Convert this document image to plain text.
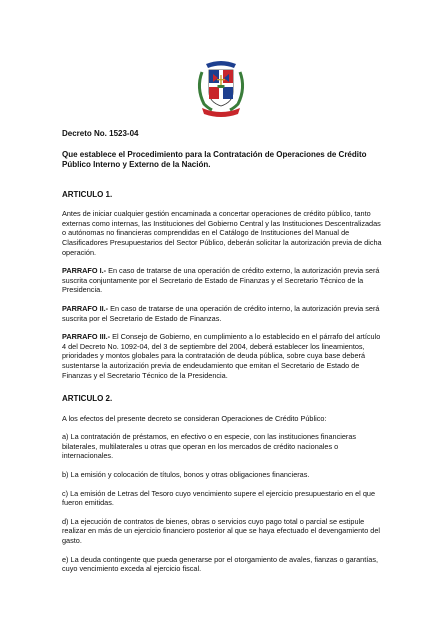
Decreto No. 1523-04
Que establece el Procedimiento para la Contratación de Operaciones de Crédito Público Interno y Externo de la Nación.
ARTICULO 1.

Antes de iniciar cualquier gestión encaminada a concertar operaciones de crédito público, tanto externas como internas, las Instituciones del Gobierno Central y las Instituciones Descentralizadas o autónomas no financieras comprendidas en el Catálogo de Instituciones del Manual de Clasificadores Presupuestarios del Sector Público, deberán solicitar la autorización previa de dicha operación.

PARRAFO I.- En caso de tratarse de una operación de crédito externo, la autorización previa será suscrita conjuntamente por el Secretario de Estado de Finanzas y el Secretario Técnico de la Presidencia.

PARRAFO II.- En caso de tratarse de una operación de crédito interno, la autorización previa será suscrita por el Secretario de Estado de Finanzas.

PARRAFO III.- El Consejo de Gobierno, en cumplimiento a lo establecido en el párrafo del artículo 4 del Decreto No. 1092-04, del 3 de septiembre del 2004, deberá establecer los lineamientos, prioridades y montos globales para la contratación de deuda pública, sobre cuya base deberá sustentarse la autorización previa de endeudamiento que emitan el Secretario de Estado de Finanzas y el Secretario Técnico de la Presidencia.

ARTICULO 2.

A los efectos del presente decreto se consideran Operaciones de Crédito Público:

a) La contratación de préstamos, en efectivo o en especie, con las instituciones financieras bilaterales, multilaterales u otras que operan en los mercados de crédito nacionales o internacionales.

b) La emisión y colocación de títulos, bonos y otras obligaciones financieras.

c) La emisión de Letras del Tesoro cuyo vencimiento supere el ejercicio presupuestario en el que fueron emitidas.

d) La ejecución de contratos de bienes, obras o servicios cuyo pago total o parcial se estipule realizar en más de un ejercicio financiero posterior al que se haya efectuado el devengamiento del gasto.

e) La deuda contingente que pueda generarse por el otorgamiento de avales, fianzas o garantías, cuyo vencimiento exceda al ejercicio fiscal.
